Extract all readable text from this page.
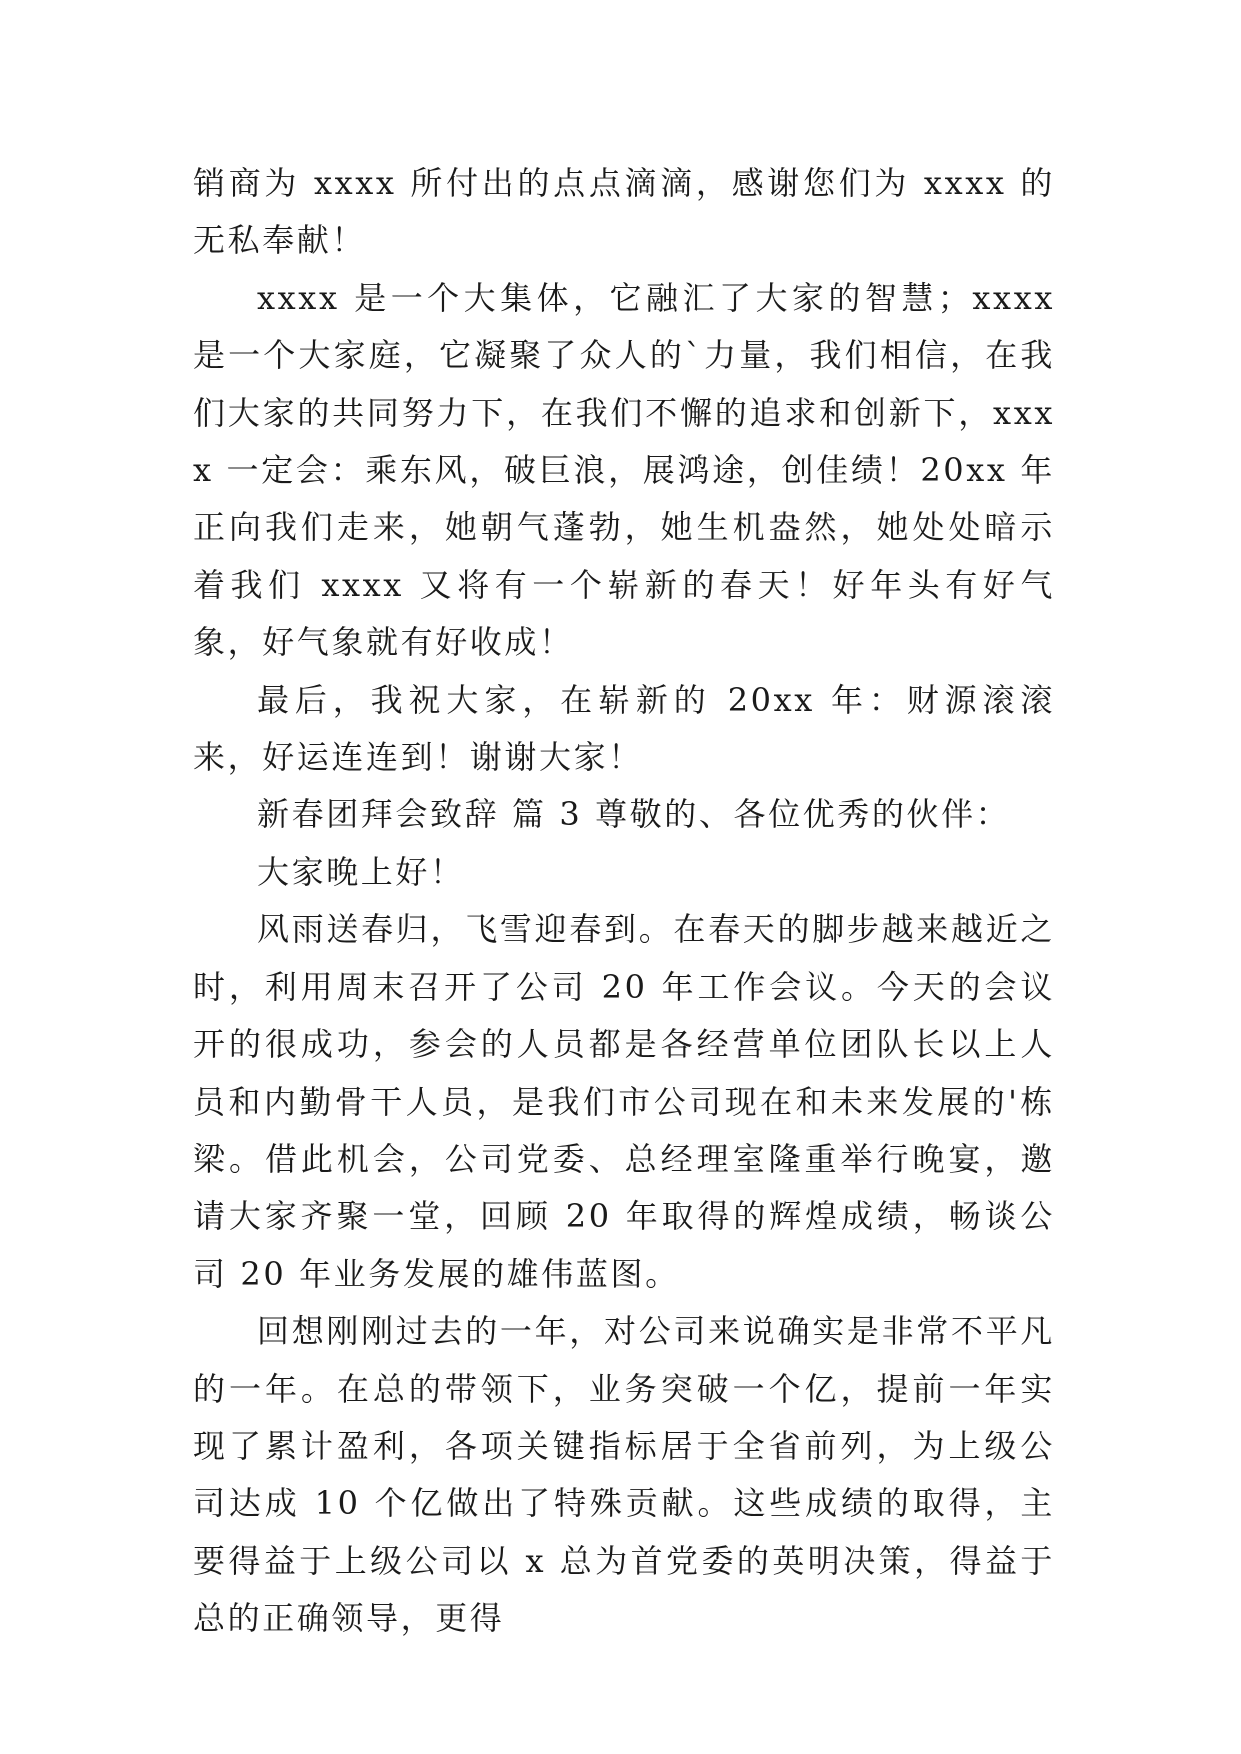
销商为 xxxx 所付出的点点滴滴，感谢您们为 xxxx 的无私奉献！

xxxx 是一个大集体，它融汇了大家的智慧；xxxx 是一个大家庭，它凝聚了众人的`力量，我们相信，在我们大家的共同努力下，在我们不懈的追求和创新下，xxxx 一定会：乘东风，破巨浪，展鸿途，创佳绩！20xx 年正向我们走来，她朝气蓬勃，她生机盎然，她处处暗示着我们 xxxx 又将有一个崭新的春天！好年头有好气象，好气象就有好收成！

最后，我祝大家，在崭新的 20xx 年：财源滚滚来，好运连连到！谢谢大家！

新春团拜会致辞 篇 3 尊敬的、各位优秀的伙伴：

大家晚上好！

风雨送春归，飞雪迎春到。在春天的脚步越来越近之时，利用周末召开了公司 20 年工作会议。今天的会议开的很成功，参会的人员都是各经营单位团队长以上人员和内勤骨干人员，是我们市公司现在和未来发展的'栋梁。借此机会，公司党委、总经理室隆重举行晚宴，邀请大家齐聚一堂，回顾 20 年取得的辉煌成绩，畅谈公司 20 年业务发展的雄伟蓝图。

回想刚刚过去的一年，对公司来说确实是非常不平凡的一年。在总的带领下，业务突破一个亿，提前一年实现了累计盈利，各项关键指标居于全省前列，为上级公司达成 10 个亿做出了特殊贡献。这些成绩的取得，主要得益于上级公司以 x 总为首党委的英明决策，得益于总的正确领导，更得
